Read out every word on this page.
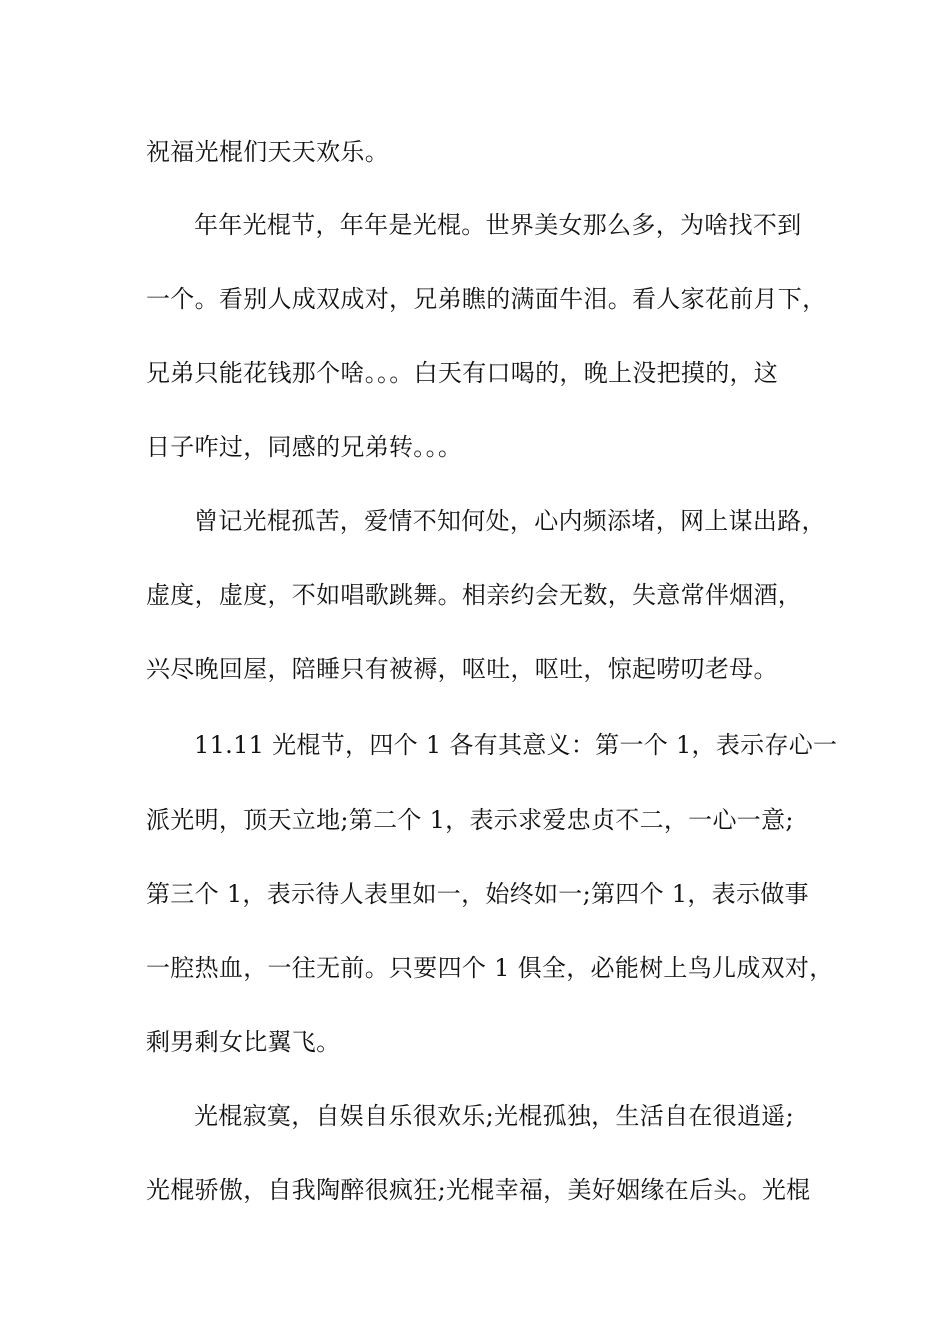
祝福光棍们天天欢乐。
年年光棍节，年年是光棍。世界美女那么多，为啥找不到
一个。看别人成双成对，兄弟瞧的满面牛泪。看人家花前月下，
兄弟只能花钱那个啥。。。白天有口喝的，晚上没把摸的，这
日子咋过，同感的兄弟转。。。
曾记光棍孤苦，爱情不知何处，心内频添堵，网上谋出路，
虚度，虚度，不如唱歌跳舞。相亲约会无数，失意常伴烟酒，
兴尽晚回屋，陪睡只有被褥，呕吐，呕吐，惊起唠叨老母。
11.11 光棍节，四个 1 各有其意义：第一个 1，表示存心一
派光明，顶天立地;第二个 1，表示求爱忠贞不二，一心一意;
第三个 1，表示待人表里如一，始终如一;第四个 1，表示做事
一腔热血，一往无前。只要四个 1 俱全，必能树上鸟儿成双对，
剩男剩女比翼飞。
光棍寂寞，自娱自乐很欢乐;光棍孤独，生活自在很逍遥;
光棍骄傲，自我陶醉很疯狂;光棍幸福，美好姻缘在后头。光棍
